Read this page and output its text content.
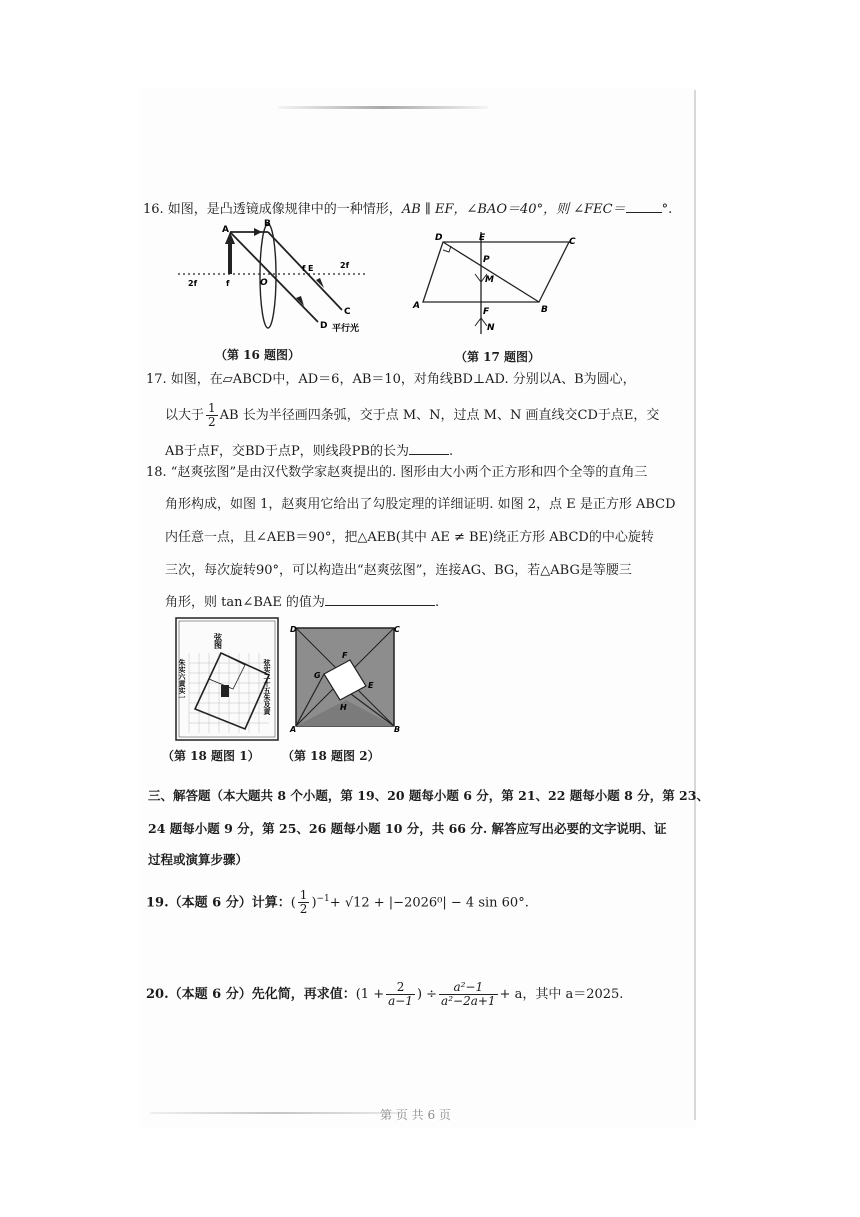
第 页 共 6 页
16. 如图，是凸透镜成像规律中的一种情形，AB ∥ EF，∠BAO＝40°，则 ∠FEC＝	°.
A
B
O
f
2f
f E	2f
C
D 平行光
（第 16 题图）
D	E	C
P
M
A	B
F
N
（第 17 题图）
17. 如图，在▱ABCD中，AD＝6，AB＝10，对角线BD⊥AD. 分别以A、B为圆心，
以大于 $\frac{1}{2}$ AB 长为半径画四条弧，交于点 M、N，过点 M、N 画直线交CD于点E，交
AB于点F，交BD于点P，则线段PB的长为	.
18. “赵爽弦图”是由汉代数学家赵爽提出的. 图形由大小两个正方形和四个全等的直角三
角形构成，如图 1，赵爽用它给出了勾股定理的详细证明. 如图 2，点 E 是正方形 ABCD
内任意一点，且∠AEB＝90°，把△AEB(其中 AE ≠ BE)绕正方形 ABCD的中心旋转
三次，每次旋转90°，可以构造出“赵爽弦图”，连接AG、BG，若△ABG是等腰三
角形，则 tan∠BAE 的值为	.
弦图
朱实六黄实一	弦实二十五朱及黄
D	C
A	B
F
G
E
H
（第 18 题图 1） （第 18 题图 2）
三、解答题（本大题共 8 个小题，第 19、20 题每小题 6 分，第 21、22 题每小题 8 分，第 23、
24 题每小题 9 分，第 25、26 题每小题 10 分，共 66 分. 解答应写出必要的文字说明、证
过程或演算步骤）
19.（本题 6 分）计算：( $\frac{1}{2} )^{-1}+ √12 + |-2026^0| - 4$ sin 60°.
20.（本题 6 分）先化简，再求值：($1 + \frac{2}{a-1}$ ) ÷ $\frac{\text{a²−1}}{\text{a²−2a+1}} + a$，其中 a＝2025.
